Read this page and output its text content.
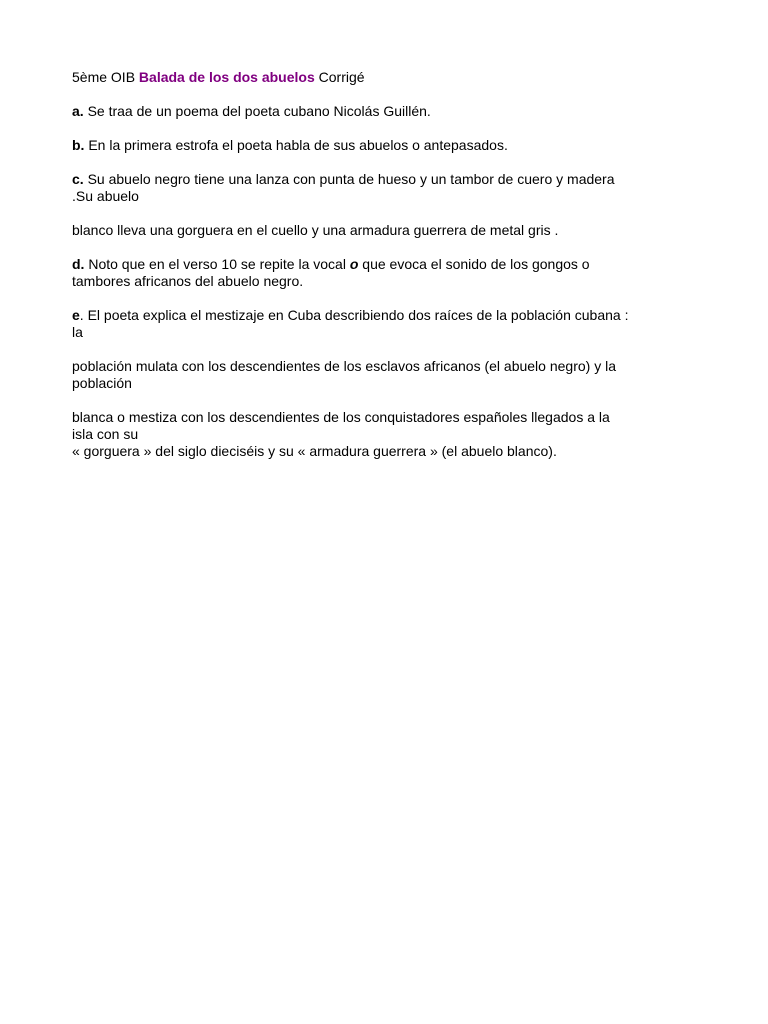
5ème OIB Balada de los dos abuelos Corrigé

a. Se traa de un poema del poeta cubano Nicolás Guillén.

b. En la primera estrofa el poeta habla de sus abuelos o antepasados.

c. Su abuelo negro tiene una lanza con punta de hueso y un tambor de cuero y madera

.Su abuelo

blanco lleva una gorguera en el cuello y una armadura guerrera de metal gris .

d. Noto que en el verso 10 se repite la vocal o que evoca el sonido de los gongos o

tambores africanos del abuelo negro.

e. El poeta explica el mestizaje en Cuba describiendo dos raíces de la población cubana :

la

población mulata con los descendientes de los esclavos africanos (el abuelo negro) y la

población

blanca o mestiza con los descendientes de los conquistadores españoles llegados a la

isla con su

« gorguera » del siglo dieciséis y su « armadura guerrera » (el abuelo blanco).
